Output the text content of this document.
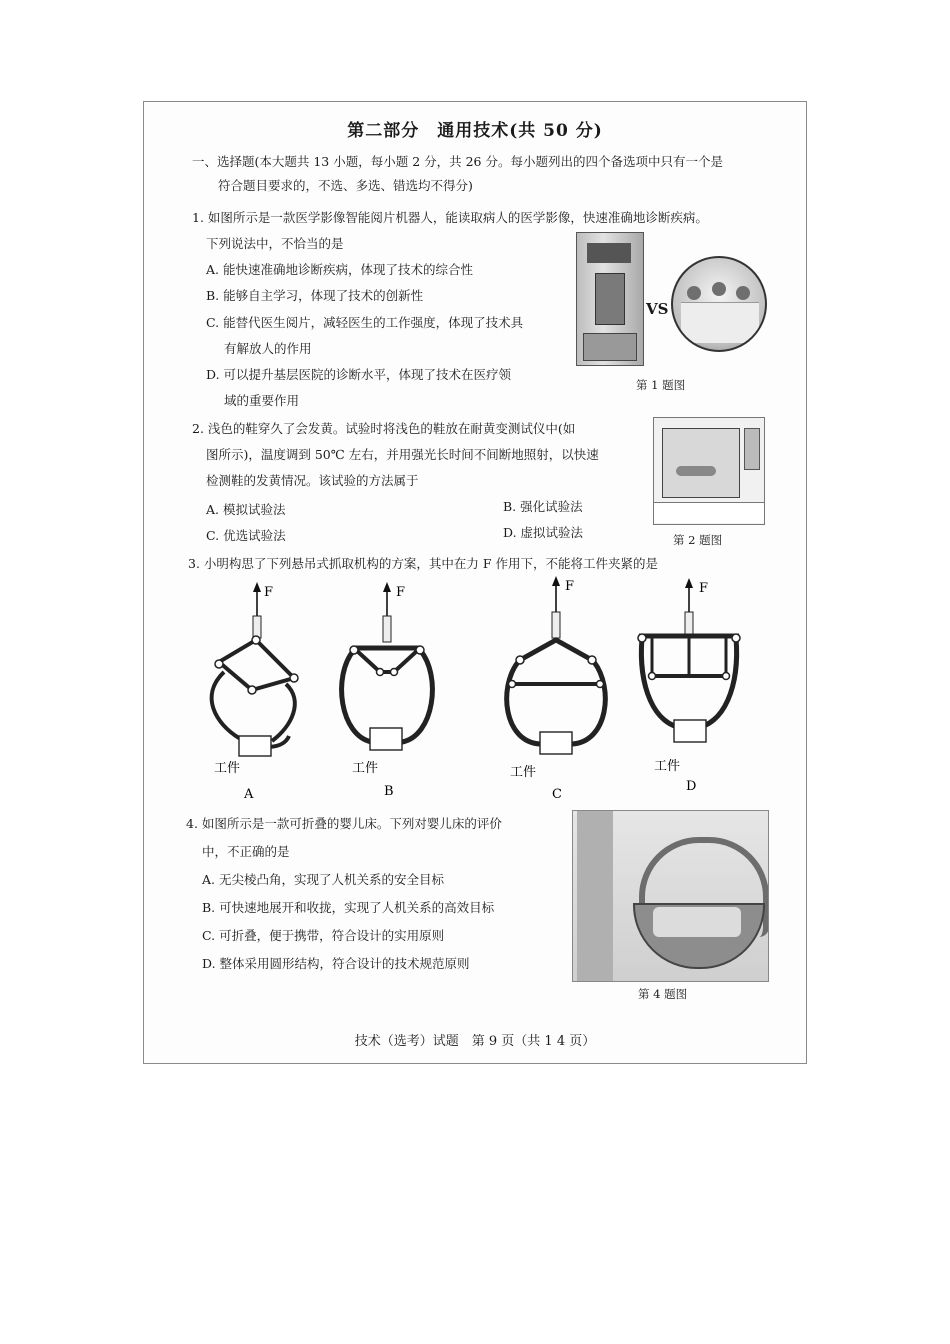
第二部分　通用技术(共 50 分)
一、选择题(本大题共 13 小题，每小题 2 分，共 26 分。每小题列出的四个备选项中只有一个是
符合题目要求的，不选、多选、错选均不得分)
1. 如图所示是一款医学影像智能阅片机器人，能读取病人的医学影像，快速准确地诊断疾病。
下列说法中，不恰当的是
A. 能快速准确地诊断疾病，体现了技术的综合性
B. 能够自主学习，体现了技术的创新性
C. 能替代医生阅片，减轻医生的工作强度，体现了技术具
有解放人的作用
D. 可以提升基层医院的诊断水平，体现了技术在医疗领
域的重要作用
VS
第 1 题图
2. 浅色的鞋穿久了会发黄。试验时将浅色的鞋放在耐黄变测试仪中(如
图所示)，温度调到 50℃ 左右，并用强光长时间不间断地照射，以快速
检测鞋的发黄情况。该试验的方法属于
A. 模拟试验法	B. 强化试验法
C. 优选试验法	D. 虚拟试验法	第 2 题图
3. 小明构思了下列悬吊式抓取机构的方案，其中在力 F 作用下，不能将工件夹紧的是
F
工件
A
F
工件
B
F
工件
C
F
工件
D
4. 如图所示是一款可折叠的婴儿床。下列对婴儿床的评价
中，不正确的是
A. 无尖棱凸角，实现了人机关系的安全目标
B. 可快速地展开和收拢，实现了人机关系的高效目标
C. 可折叠，便于携带，符合设计的实用原则
D. 整体采用圆形结构，符合设计的技术规范原则
第 4 题图
技术（选考）试题　第 9 页（共 1 4 页）
